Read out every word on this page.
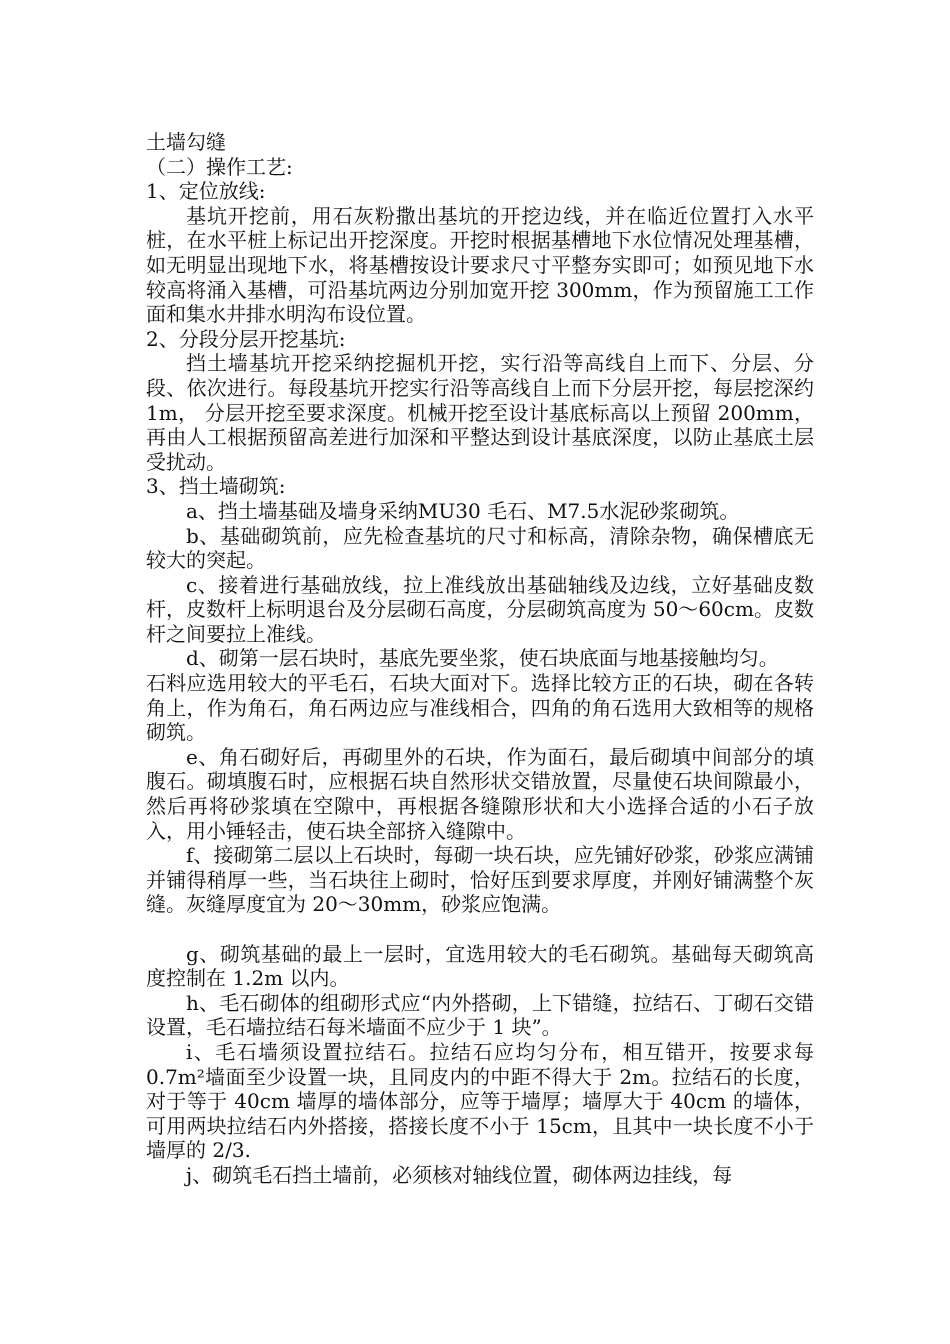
土墙勾缝

（二）操作工艺:

1、定位放线:

基坑开挖前，用石灰粉撒出基坑的开挖边线，并在临近位置打入水平桩，在水平桩上标记出开挖深度。开挖时根据基槽地下水位情况处理基槽，如无明显出现地下水，将基槽按设计要求尺寸平整夯实即可；如预见地下水较高将涌入基槽，可沿基坑两边分别加宽开挖 300mm，作为预留施工工作面和集水井排水明沟布设位置。

2、分段分层开挖基坑:

挡土墙基坑开挖采纳挖掘机开挖，实行沿等高线自上而下、分层、分段、依次进行。每段基坑开挖实行沿等高线自上而下分层开挖，每层挖深约 1m， 分层开挖至要求深度。机械开挖至设计基底标高以上预留 200mm， 再由人工根据预留高差进行加深和平整达到设计基底深度，以防止基底土层受扰动。

3、挡土墙砌筑:

a、挡土墙基础及墙身采纳MU30 毛石、M7.5水泥砂浆砌筑。

b、基础砌筑前，应先检查基坑的尺寸和标高，清除杂物，确保槽底无较大的突起。

c、接着进行基础放线，拉上准线放出基础轴线及边线，立好基础皮数杆，皮数杆上标明退台及分层砌石高度，分层砌筑高度为 50～60cm。皮数杆之间要拉上准线。

d、砌第一层石块时，基底先要坐浆，使石块底面与地基接触均匀。

石料应选用较大的平毛石，石块大面对下。选择比较方正的石块，砌在各转角上，作为角石，角石两边应与准线相合，四角的角石选用大致相等的规格砌筑。

e、角石砌好后，再砌里外的石块，作为面石，最后砌填中间部分的填腹石。砌填腹石时，应根据石块自然形状交错放置，尽量使石块间隙最小，然后再将砂浆填在空隙中，再根据各缝隙形状和大小选择合适的小石子放入，用小锤轻击，使石块全部挤入缝隙中。

f、接砌第二层以上石块时，每砌一块石块，应先铺好砂浆，砂浆应满铺并铺得稍厚一些，当石块往上砌时，恰好压到要求厚度，并刚好铺满整个灰缝。灰缝厚度宜为 20～30mm，砂浆应饱满。

g、砌筑基础的最上一层时，宜选用较大的毛石砌筑。基础每天砌筑高度控制在 1.2m 以内。

h、毛石砌体的组砌形式应“内外搭砌，上下错缝，拉结石、丁砌石交错设置，毛石墙拉结石每米墙面不应少于 1 块”。

i、毛石墙须设置拉结石。拉结石应均匀分布，相互错开，按要求每 0.7m²墙面至少设置一块，且同皮内的中距不得大于 2m。拉结石的长度，对于等于 40cm 墙厚的墙体部分，应等于墙厚；墙厚大于 40cm 的墙体，可用两块拉结石内外搭接，搭接长度不小于 15cm，且其中一块长度不小于墙厚的 2/3.

j、砌筑毛石挡土墙前，必须核对轴线位置，砌体两边挂线，每
